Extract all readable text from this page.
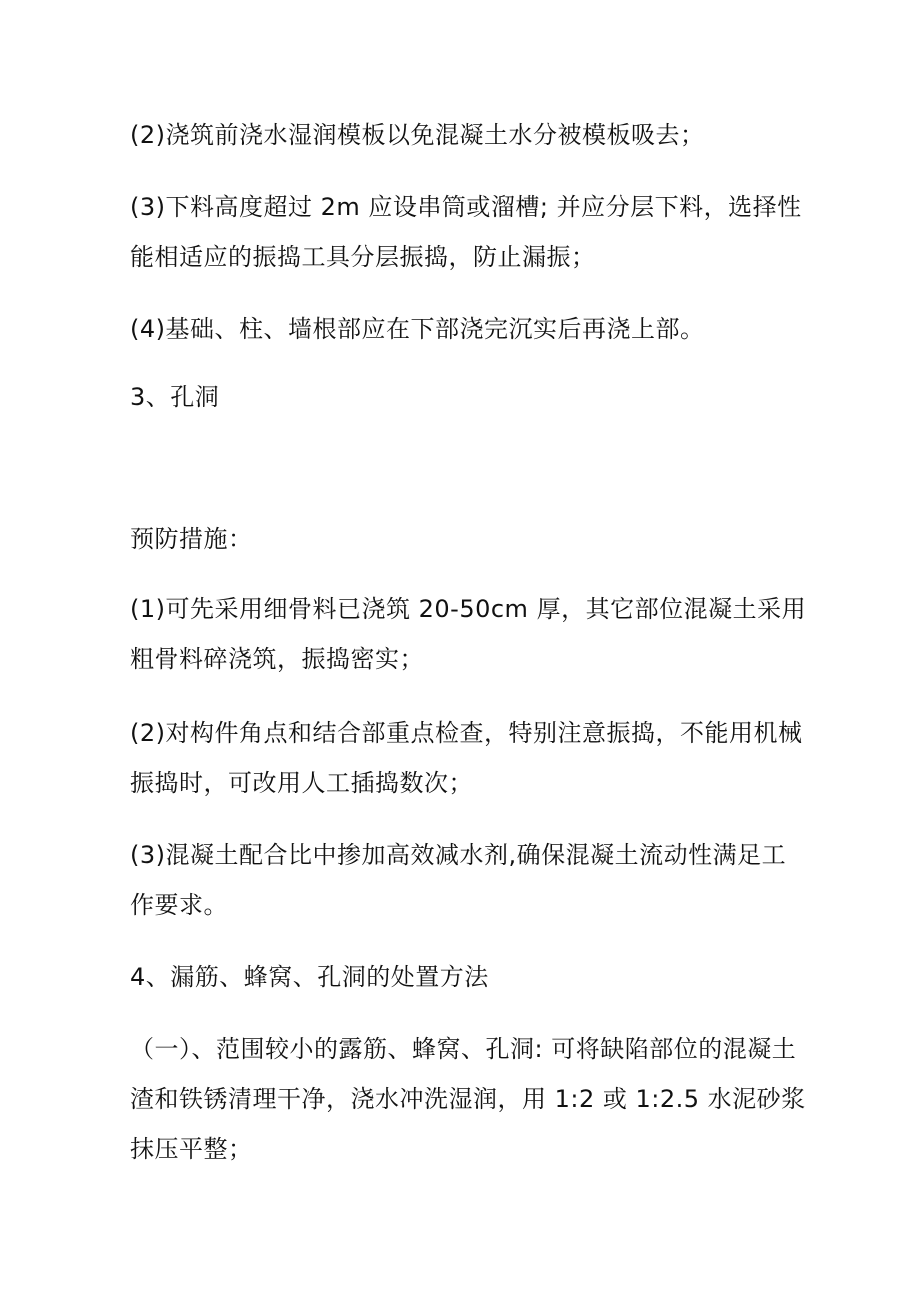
(2)浇筑前浇水湿润模板以免混凝土水分被模板吸去；

(3)下料高度超过 2m 应设串筒或溜槽; 并应分层下料，选择性
能相适应的振捣工具分层振捣，防止漏振；

(4)基础、柱、墙根部应在下部浇完沉实后再浇上部。

3、孔洞

预防措施：

(1)可先采用细骨料已浇筑 20-50cm 厚，其它部位混凝土采用
粗骨料碎浇筑，振捣密实；

(2)对构件角点和结合部重点检查，特别注意振捣，不能用机械
振捣时，可改用人工插捣数次；

(3)混凝土配合比中掺加高效减水剂,确保混凝土流动性满足工
作要求。

4、漏筋、蜂窝、孔洞的处置方法

（一）、范围较小的露筋、蜂窝、孔洞: 可将缺陷部位的混凝土
渣和铁锈清理干净，浇水冲洗湿润，用 1:2 或 1:2.5 水泥砂浆
抹压平整；
